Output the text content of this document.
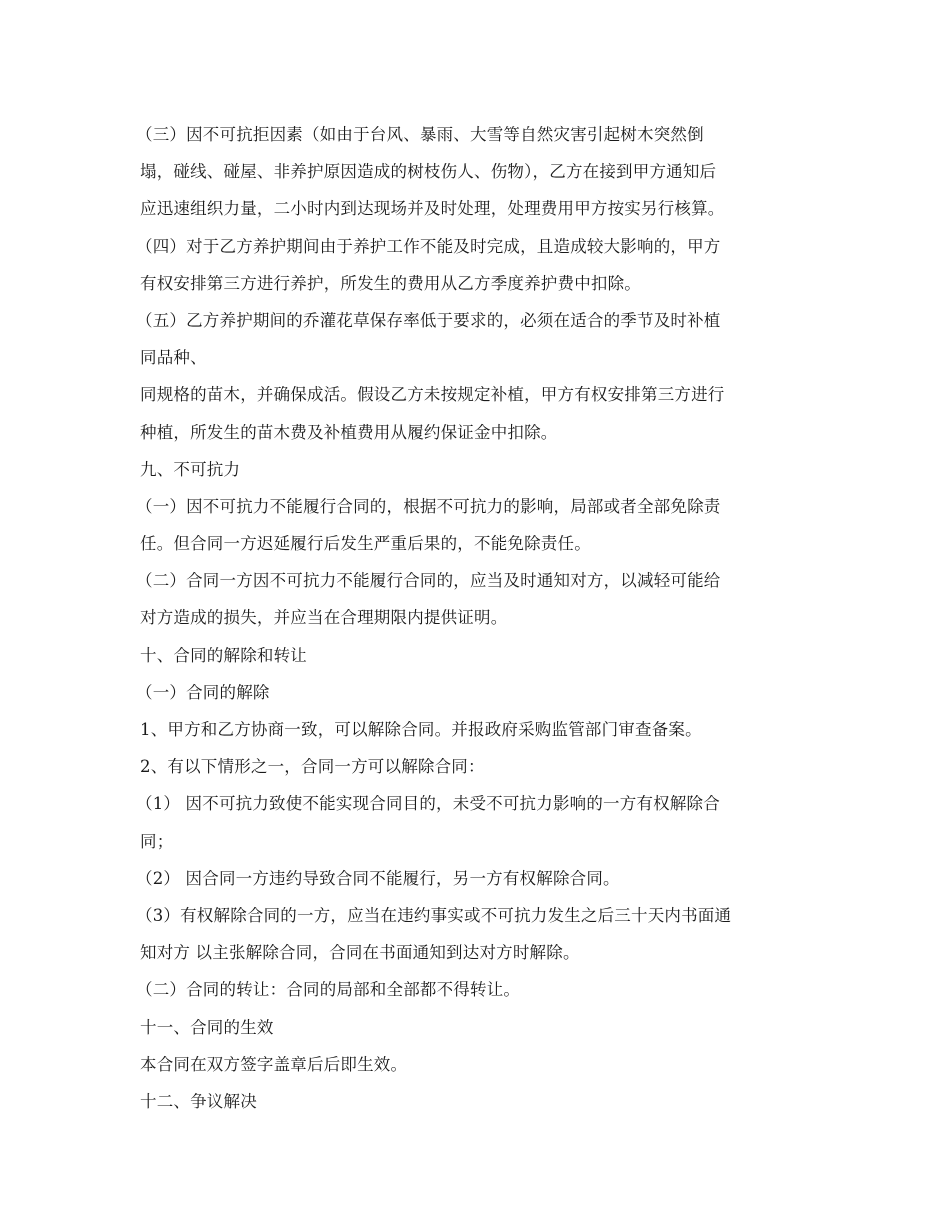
（三）因不可抗拒因素（如由于台风、暴雨、大雪等自然灾害引起树木突然倒
塌，碰线、碰屋、非养护原因造成的树枝伤人、伤物），乙方在接到甲方通知后
应迅速组织力量，二小时内到达现场并及时处理，处理费用甲方按实另行核算。
（四）对于乙方养护期间由于养护工作不能及时完成，且造成较大影响的，甲方
有权安排第三方进行养护，所发生的费用从乙方季度养护费中扣除。
（五）乙方养护期间的乔灌花草保存率低于要求的，必须在适合的季节及时补植
同品种、
同规格的苗木，并确保成活。假设乙方未按规定补植，甲方有权安排第三方进行
种植，所发生的苗木费及补植费用从履约保证金中扣除。
九、不可抗力
（一）因不可抗力不能履行合同的，根据不可抗力的影响，局部或者全部免除责
任。但合同一方迟延履行后发生严重后果的，不能免除责任。
（二）合同一方因不可抗力不能履行合同的，应当及时通知对方，以减轻可能给
对方造成的损失，并应当在合理期限内提供证明。
十、合同的解除和转让
（一）合同的解除
1、甲方和乙方协商一致，可以解除合同。并报政府采购监管部门审查备案。
2、有以下情形之一，合同一方可以解除合同：
（1） 因不可抗力致使不能实现合同目的，未受不可抗力影响的一方有权解除合
同；
（2） 因合同一方违约导致合同不能履行，另一方有权解除合同。
（3）有权解除合同的一方，应当在违约事实或不可抗力发生之后三十天内书面通
知对方 以主张解除合同，合同在书面通知到达对方时解除。
（二）合同的转让：合同的局部和全部都不得转让。
十一、合同的生效
本合同在双方签字盖章后后即生效。
十二、争议解决
